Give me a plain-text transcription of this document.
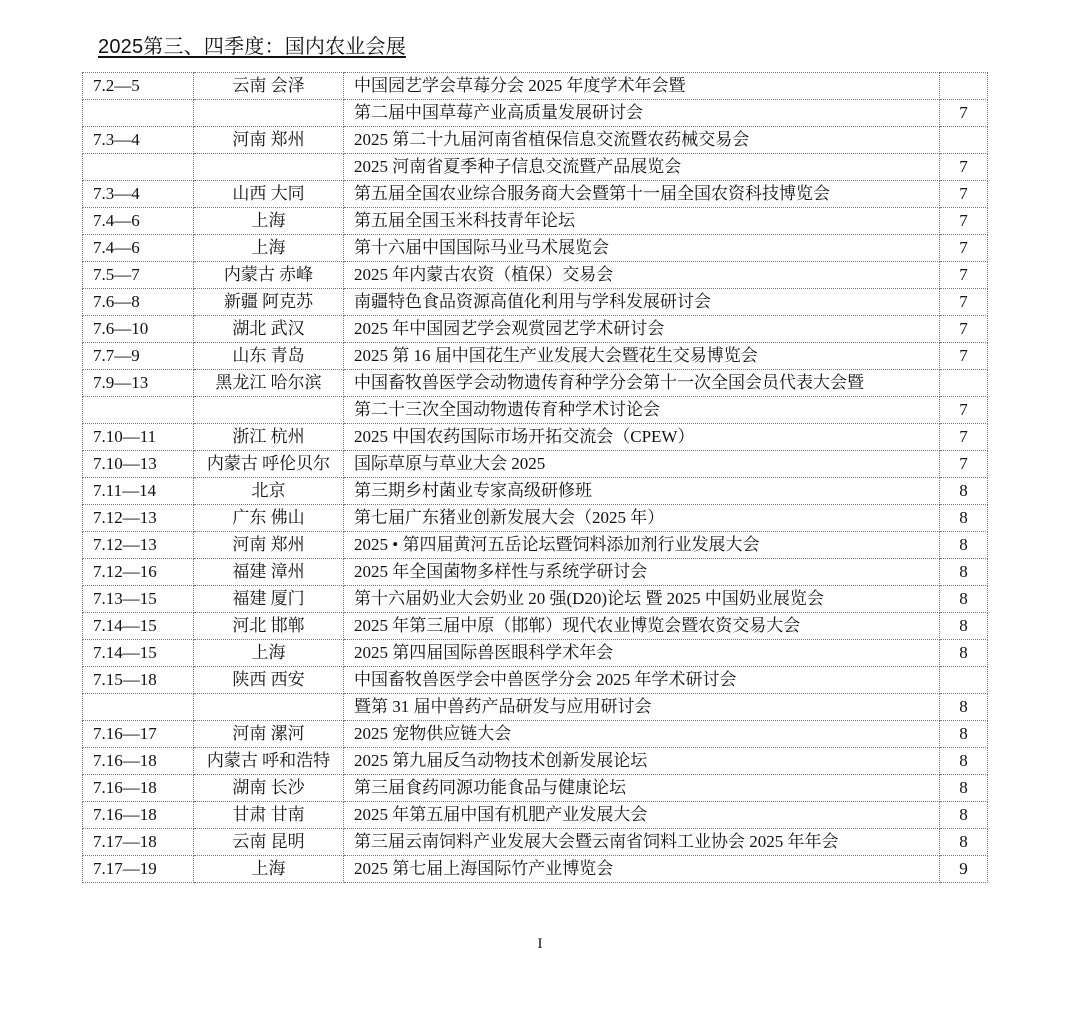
2025第三、四季度：国内农业会展
7.2—5	云南 会泽	中国园艺学会草莓分会 2025 年度学术年会暨	
		第二届中国草莓产业高质量发展研讨会	7
7.3—4	河南 郑州	2025 第二十九届河南省植保信息交流暨农药械交易会	
		2025 河南省夏季种子信息交流暨产品展览会	7
7.3—4	山西 大同	第五届全国农业综合服务商大会暨第十一届全国农资科技博览会	7
7.4—6	上海	第五届全国玉米科技青年论坛	7
7.4—6	上海	第十六届中国国际马业马术展览会	7
7.5—7	内蒙古 赤峰	2025 年内蒙古农资（植保）交易会	7
7.6—8	新疆 阿克苏	南疆特色食品资源高值化利用与学科发展研讨会	7
7.6—10	湖北 武汉	2025 年中国园艺学会观赏园艺学术研讨会	7
7.7—9	山东 青岛	2025 第 16 届中国花生产业发展大会暨花生交易博览会	7
7.9—13	黑龙江 哈尔滨	中国畜牧兽医学会动物遗传育种学分会第十一次全国会员代表大会暨	
		第二十三次全国动物遗传育种学术讨论会	7
7.10—11	浙江 杭州	2025 中国农药国际市场开拓交流会（CPEW）	7
7.10—13	内蒙古 呼伦贝尔	国际草原与草业大会 2025	7
7.11—14	北京	第三期乡村菌业专家高级研修班	8
7.12—13	广东 佛山	第七届广东猪业创新发展大会（2025 年）	8
7.12—13	河南 郑州	2025 • 第四届黄河五岳论坛暨饲料添加剂行业发展大会	8
7.12—16	福建 漳州	2025 年全国菌物多样性与系统学研讨会	8
7.13—15	福建 厦门	第十六届奶业大会奶业 20 强(D20)论坛 暨 2025 中国奶业展览会	8
7.14—15	河北 邯郸	2025 年第三届中原（邯郸）现代农业博览会暨农资交易大会	8
7.14—15	上海	2025 第四届国际兽医眼科学术年会	8
7.15—18	陕西 西安	中国畜牧兽医学会中兽医学分会 2025 年学术研讨会	
		暨第 31 届中兽药产品研发与应用研讨会	8
7.16—17	河南 漯河	2025 宠物供应链大会	8
7.16—18	内蒙古 呼和浩特	2025 第九届反刍动物技术创新发展论坛	8
7.16—18	湖南 长沙	第三届食药同源功能食品与健康论坛	8
7.16—18	甘肃 甘南	2025 年第五届中国有机肥产业发展大会	8
7.17—18	云南 昆明	第三届云南饲料产业发展大会暨云南省饲料工业协会 2025 年年会	8
7.17—19	上海	2025 第七届上海国际竹产业博览会	9
I
